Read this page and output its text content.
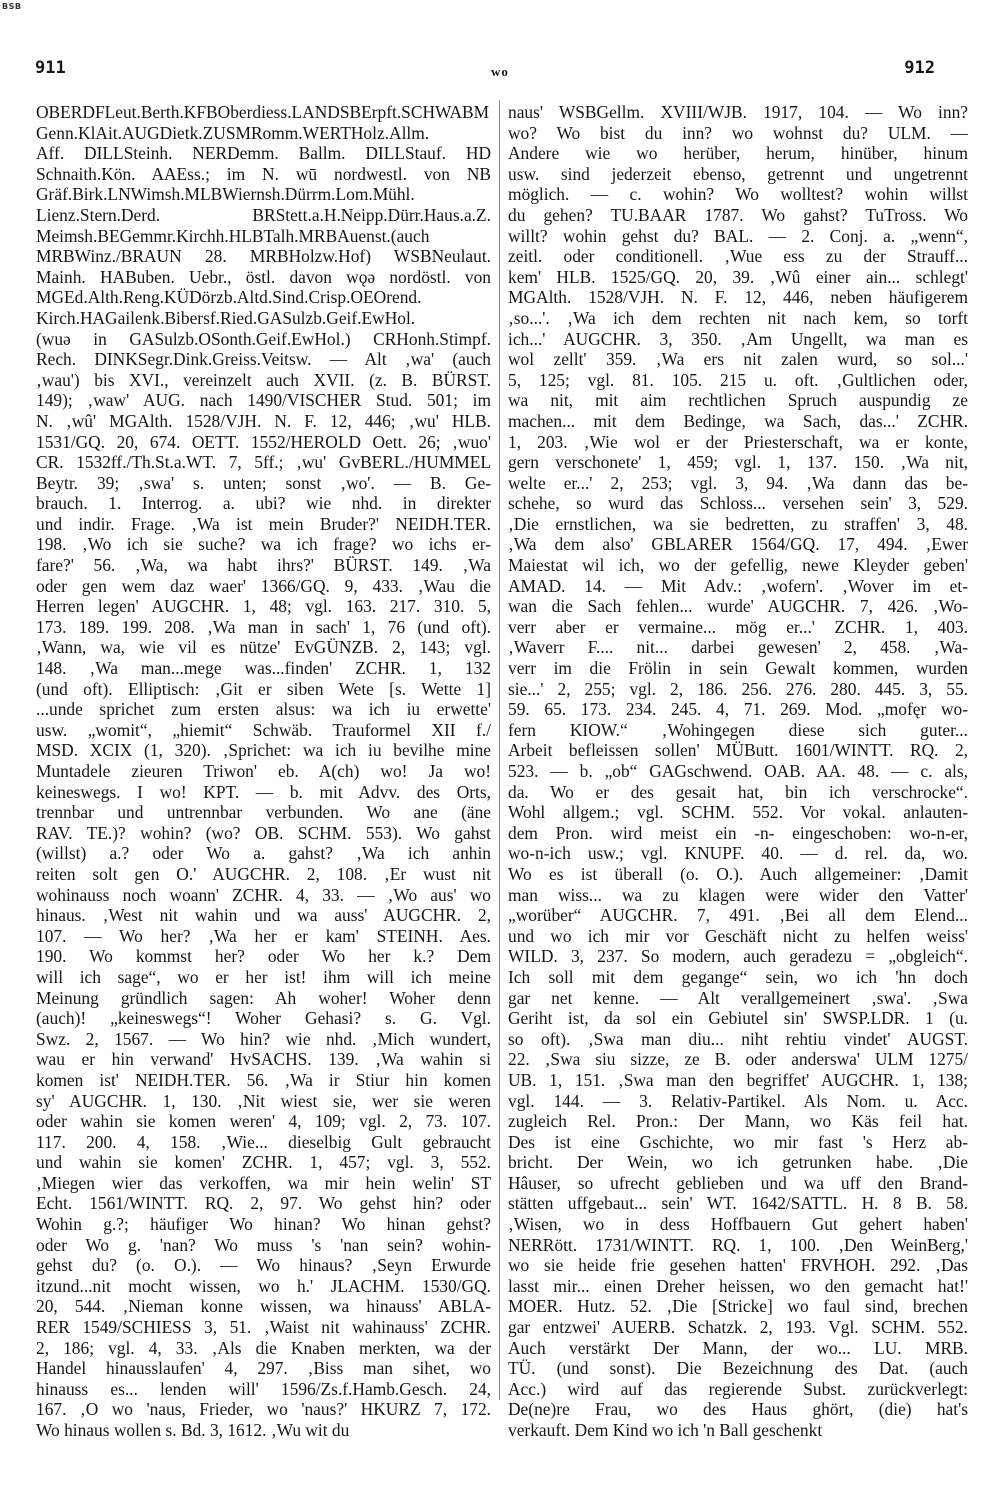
BSB
911	wo	912
OBERDFLeut.Berth.KFBOberdiess.LANDSBErpft.SCHWABM
Genn.KlAit.AUGDietk.ZUSMRomm.WERTHolz.Allm.
Aff. DILLSteinh. NERDemm. Ballm. DILLStauf. HD
Schnaith.Kön. AAEss.; im N. wū nordwestl. von NB
Gräf.Birk.LNWimsh.MLBWiernsh.Dürrm.Lom.Mühl.
Lienz.Stern.Derd. BRStett.a.H.Neipp.Dürr.Haus.a.Z.
Meimsh.BEGemmr.Kirchh.HLBTalh.MRBAuenst.(auch
MRBWinz./BRAUN 28. MRBHolzw.Hof) WSBNeulaut.
Mainh. HABuben. Uebr., östl. davon wǫə nordöstl. von
MGEd.Alth.Reng.KÜDörzb.Altd.Sind.Crisp.OEOrend.
Kirch.HAGailenk.Bibersf.Ried.GASulzb.Geif.EwHol.
(wuə in GASulzb.OSonth.Geif.EwHol.) CRHonh.Stimpf.
Rech. DINKSegr.Dink.Greiss.Veitsw. — Alt ‚wa' (auch
‚wau') bis XVI., vereinzelt auch XVII. (z. B. BÜRST.
149); ‚waw' AUG. nach 1490/VISCHER Stud. 501; im
N. ‚wû' MGAlth. 1528/VJH. N. F. 12, 446; ‚wu' HLB.
1531/GQ. 20, 674. OETT. 1552/HEROLD Oett. 26; ‚wuo'
CR. 1532ff./Th.St.a.WT. 7, 5ff.; ‚wu' GvBERL./HUMMEL
Beytr. 39; ‚swa' s. unten; sonst ‚wo'. — B. Ge-
brauch. 1. Interrog. a. ubi? wie nhd. in direkter
und indir. Frage. ‚Wa ist mein Bruder?' NEIDH.TER.
198. ‚Wo ich sie suche? wa ich frage? wo ichs er-
fare?' 56. ‚Wa, wa habt ihrs?' BÜRST. 149. ‚Wa
oder gen wem daz waer' 1366/GQ. 9, 433. ‚Wau die
Herren legen' AUGCHR. 1, 48; vgl. 163. 217. 310. 5,
173. 189. 199. 208. ‚Wa man in sach' 1, 76 (und oft).
‚Wann, wa, wie vil es nütze' EvGÜNZB. 2, 143; vgl.
148. ‚Wa man...mege was...finden' ZCHR. 1, 132
(und oft). Elliptisch: ‚Git er siben Wete [s. Wette 1]
...unde sprichet zum ersten alsus: wa ich iu erwette'
usw. „womit“, „hiemit“ Schwäb. Trauformel XII f./
MSD. XCIX (1, 320). ‚Sprichet: wa ich iu bevilhe mine
Muntadele zieuren Triwon' eb. A(ch) wo! Ja wo!
keineswegs. I wo! KPT. — b. mit Advv. des Orts,
trennbar und untrennbar verbunden. Wo ane (äne
RAV. TE.)? wohin? (wo? OB. SCHM. 553). Wo gahst
(willst) a.? oder Wo a. gahst? ‚Wa ich anhin
reiten solt gen O.' AUGCHR. 2, 108. ‚Er wust nit
wohinauss noch woann' ZCHR. 4, 33. — ‚Wo aus' wo
hinaus. ‚West nit wahin und wa auss' AUGCHR. 2,
107. — Wo her? ‚Wa her er kam' STEINH. Aes.
190. Wo kommst her? oder Wo her k.? Dem
will ich sage“, wo er her ist! ihm will ich meine
Meinung gründlich sagen: Ah woher! Woher denn
(auch)! „keineswegs“! Woher Gehasi? s. G. Vgl.
Swz. 2, 1567. — Wo hin? wie nhd. ‚Mich wundert,
wau er hin verwand' HvSACHS. 139. ‚Wa wahin si
komen ist' NEIDH.TER. 56. ‚Wa ir Stiur hin komen
sy' AUGCHR. 1, 130. ‚Nit wiest sie, wer sie weren
oder wahin sie komen weren' 4, 109; vgl. 2, 73. 107.
117. 200. 4, 158. ‚Wie... dieselbig Gult gebraucht
und wahin sie komen' ZCHR. 1, 457; vgl. 3, 552.
‚Miegen wier das verkoffen, wa mir hein welin' ST
Echt. 1561/WINTT. RQ. 2, 97. Wo gehst hin? oder
Wohin g.?; häufiger Wo hinan? Wo hinan gehst?
oder Wo g. 'nan? Wo muss 's 'nan sein? wohin-
gehst du? (o. O.). — Wo hinaus? ‚Seyn Erwurde
itzund...nit mocht wissen, wo h.' JLACHM. 1530/GQ.
20, 544. ‚Nieman konne wissen, wa hinauss' ABLA-
RER 1549/SCHIESS 3, 51. ‚Waist nit wahinauss' ZCHR.
2, 186; vgl. 4, 33. ‚Als die Knaben merkten, wa der
Handel hinausslaufen' 4, 297. ‚Biss man sihet, wo
hinauss es... lenden will' 1596/Zs.f.Hamb.Gesch. 24,
167. ‚O wo 'naus, Frieder, wo 'naus?' HKURZ 7, 172.
Wo hinaus wollen s. Bd. 3, 1612. ‚Wu wit du
naus' WSBGellm. XVIII/WJB. 1917, 104. — Wo inn?
wo? Wo bist du inn? wo wohnst du? ULM. —
Andere wie wo herüber, herum, hinüber, hinum
usw. sind jederzeit ebenso, getrennt und ungetrennt
möglich. — c. wohin? Wo wolltest? wohin willst
du gehen? TU.BAAR 1787. Wo gahst? TuTross. Wo
willt? wohin gehst du? BAL. — 2. Conj. a. „wenn“,
zeitl. oder conditionell. ‚Wue ess zu der Strauff...
kem' HLB. 1525/GQ. 20, 39. ‚Wû einer ain... schlegt'
MGAlth. 1528/VJH. N. F. 12, 446, neben häufigerem
‚so...'. ‚Wa ich dem rechten nit nach kem, so torft
ich...' AUGCHR. 3, 350. ‚Am Ungellt, wa man es
wol zellt' 359. ‚Wa ers nit zalen wurd, so sol...'
5, 125; vgl. 81. 105. 215 u. oft. ‚Gultlichen oder,
wa nit, mit aim rechtlichen Spruch auspundig ze
machen... mit dem Bedinge, wa Sach, das...' ZCHR.
1, 203. ‚Wie wol er der Priesterschaft, wa er konte,
gern verschonete' 1, 459; vgl. 1, 137. 150. ‚Wa nit,
welte er...' 2, 253; vgl. 3, 94. ‚Wa dann das be-
schehe, so wurd das Schloss... versehen sein' 3, 529.
‚Die ernstlichen, wa sie bedretten, zu straffen' 3, 48.
‚Wa dem also' GBLARER 1564/GQ. 17, 494. ‚Ewer
Maiestat wil ich, wo der gefellig, newe Kleyder geben'
AMAD. 14. — Mit Adv.: ‚wofern'. ‚Wover im et-
wan die Sach fehlen... wurde' AUGCHR. 7, 426. ‚Wo-
verr aber er vermaine... mög er...' ZCHR. 1, 403.
‚Waverr F.... nit... darbei gewesen' 2, 458. ‚Wa-
verr im die Frölin in sein Gewalt kommen, wurden
sie...' 2, 255; vgl. 2, 186. 256. 276. 280. 445. 3, 55.
59. 65. 173. 234. 245. 4, 71. 269. Mod. „mofęr wo-
fern KIOW.“ ‚Wohingegen diese sich guter...
Arbeit befleissen sollen' MÜButt. 1601/WINTT. RQ. 2,
523. — b. „ob“ GAGschwend. OAB. AA. 48. — c. als,
da. Wo er des gesait hat, bin ich verschrocke“.
Wohl allgem.; vgl. SCHM. 552. Vor vokal. anlauten-
dem Pron. wird meist ein -n- eingeschoben: wo-n-er,
wo-n-ich usw.; vgl. KNUPF. 40. — d. rel. da, wo.
Wo es ist überall (o. O.). Auch allgemeiner: ‚Damit
man wiss... wa zu klagen were wider den Vatter'
„worüber“ AUGCHR. 7, 491. ‚Bei all dem Elend...
und wo ich mir vor Geschäft nicht zu helfen weiss'
WILD. 3, 237. So modern, auch geradezu = „obgleich“.
Ich soll mit dem gegange“ sein, wo ich 'hn doch
gar net kenne. — Alt verallgemeinert ‚swa'. ‚Swa
Geriht ist, da sol ein Gebiutel sin' SWSP.LDR. 1 (u.
so oft). ‚Swa man diu... niht rehtiu vindet' AUGST.
22. ‚Swa siu sizze, ze B. oder anderswa' ULM 1275/
UB. 1, 151. ‚Swa man den begriffet' AUGCHR. 1, 138;
vgl. 144. — 3. Relativ-Partikel. Als Nom. u. Acc.
zugleich Rel. Pron.: Der Mann, wo Käs feil hat.
Des ist eine Gschichte, wo mir fast 's Herz ab-
bricht. Der Wein, wo ich getrunken habe. ‚Die
Hâuser, so ufrecht geblieben und wa uff den Brand-
stätten uffgebaut... sein' WT. 1642/SATTL. H. 8 B. 58.
‚Wisen, wo in dess Hoffbauern Gut gehert haben'
NERRött. 1731/WINTT. RQ. 1, 100. ‚Den WeinBerg,'
wo sie heide frie gesehen hatten' FRVHOH. 292. ‚Das
lasst mir... einen Dreher heissen, wo den gemacht hat!'
MOER. Hutz. 52. ‚Die [Stricke] wo faul sind, brechen
gar entzwei' AUERB. Schatzk. 2, 193. Vgl. SCHM. 552.
Auch verstärkt Der Mann, der wo... LU. MRB.
TÜ. (und sonst). Die Bezeichnung des Dat. (auch
Acc.) wird auf das regierende Subst. zurückverlegt:
De(ne)re Frau, wo des Haus ghört, (die) hat's
verkauft. Dem Kind wo ich 'n Ball geschenkt
